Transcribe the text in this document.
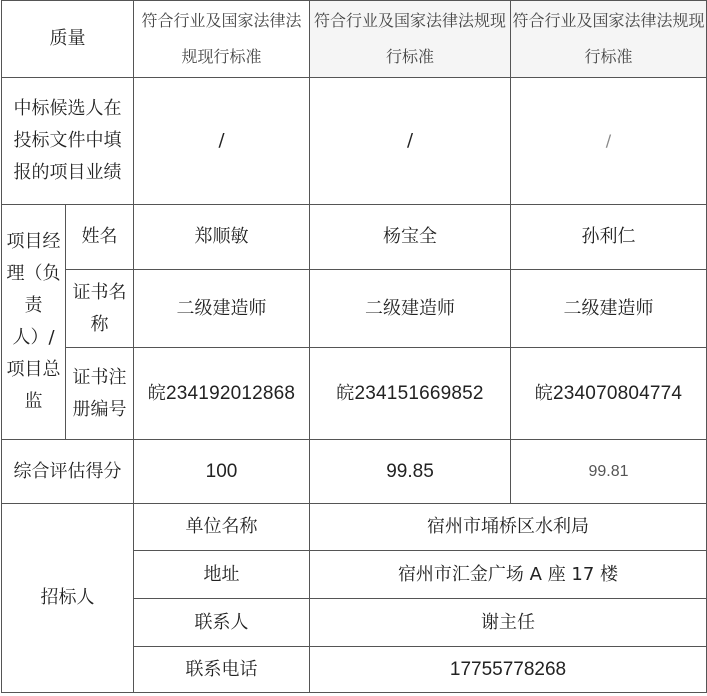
质量		符合行业及国家法律法规现行标准	符合行业及国家法律法规现行标准	符合行业及国家法律法规现行标准
中标候选人在投标文件中填报的项目业绩		/	/	/
项目经理（负责人）/项目总监	姓名	郑顺敏	杨宝全	孙利仁
	证书名称	二级建造师	二级建造师	二级建造师
	证书注册编号	皖234192012868	皖234151669852	皖234070804774
综合评估得分		100	99.85	99.81
招标人		单位名称	宿州市埇桥区水利局	
		地址	宿州市汇金广场 A 座 17 楼	
		联系人	谢主任	
		联系电话	17755778268	
